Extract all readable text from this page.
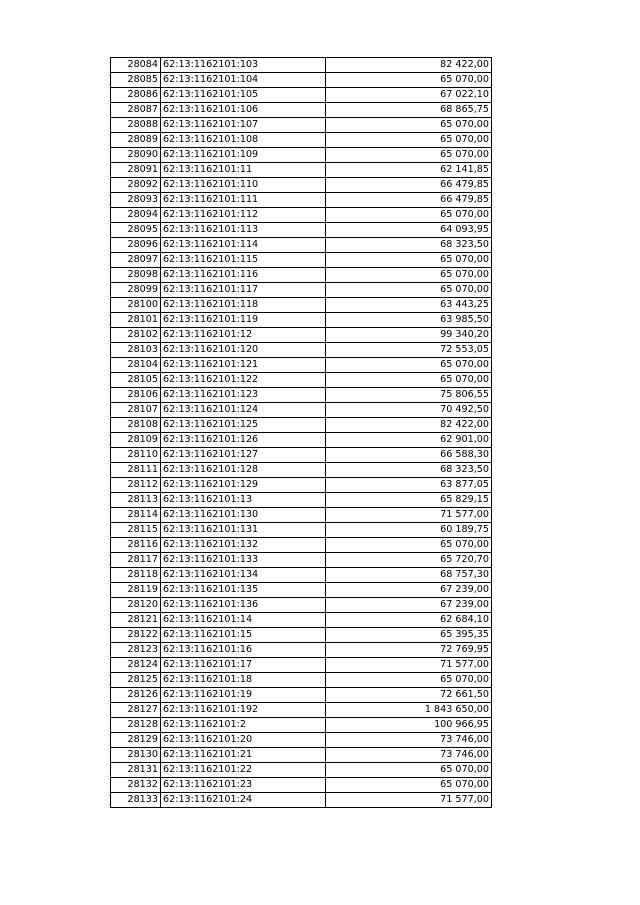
28084	62:13:1162101:103	82 422,00
28085	62:13:1162101:104	65 070,00
28086	62:13:1162101:105	67 022,10
28087	62:13:1162101:106	68 865,75
28088	62:13:1162101:107	65 070,00
28089	62:13:1162101:108	65 070,00
28090	62:13:1162101:109	65 070,00
28091	62:13:1162101:11	62 141,85
28092	62:13:1162101:110	66 479,85
28093	62:13:1162101:111	66 479,85
28094	62:13:1162101:112	65 070,00
28095	62:13:1162101:113	64 093,95
28096	62:13:1162101:114	68 323,50
28097	62:13:1162101:115	65 070,00
28098	62:13:1162101:116	65 070,00
28099	62:13:1162101:117	65 070,00
28100	62:13:1162101:118	63 443,25
28101	62:13:1162101:119	63 985,50
28102	62:13:1162101:12	99 340,20
28103	62:13:1162101:120	72 553,05
28104	62:13:1162101:121	65 070,00
28105	62:13:1162101:122	65 070,00
28106	62:13:1162101:123	75 806,55
28107	62:13:1162101:124	70 492,50
28108	62:13:1162101:125	82 422,00
28109	62:13:1162101:126	62 901,00
28110	62:13:1162101:127	66 588,30
28111	62:13:1162101:128	68 323,50
28112	62:13:1162101:129	63 877,05
28113	62:13:1162101:13	65 829,15
28114	62:13:1162101:130	71 577,00
28115	62:13:1162101:131	60 189,75
28116	62:13:1162101:132	65 070,00
28117	62:13:1162101:133	65 720,70
28118	62:13:1162101:134	68 757,30
28119	62:13:1162101:135	67 239,00
28120	62:13:1162101:136	67 239,00
28121	62:13:1162101:14	62 684,10
28122	62:13:1162101:15	65 395,35
28123	62:13:1162101:16	72 769,95
28124	62:13:1162101:17	71 577,00
28125	62:13:1162101:18	65 070,00
28126	62:13:1162101:19	72 661,50
28127	62:13:1162101:192	1 843 650,00
28128	62:13:1162101:2	100 966,95
28129	62:13:1162101:20	73 746,00
28130	62:13:1162101:21	73 746,00
28131	62:13:1162101:22	65 070,00
28132	62:13:1162101:23	65 070,00
28133	62:13:1162101:24	71 577,00
